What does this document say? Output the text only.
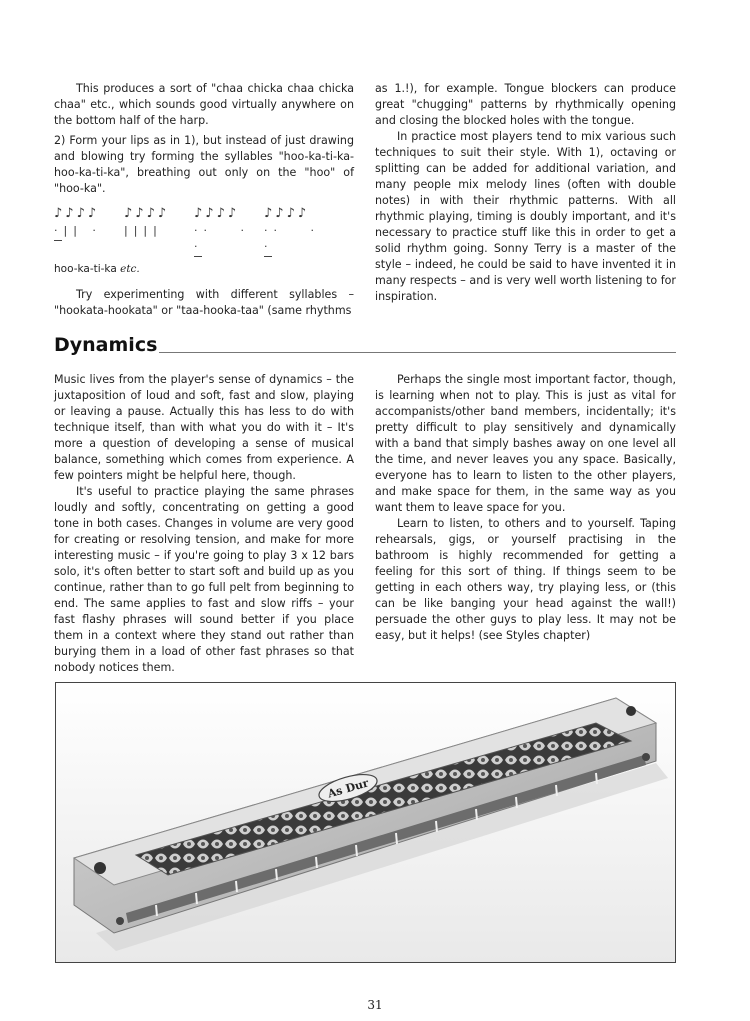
This produces a sort of "chaa chicka chaa chicka chaa" etc., which sounds good virtually anywhere on the bottom half of the harp.

2) Form your lips as in 1), but instead of just drawing and blowing try forming the syllables "hoo-ka-ti-ka-hoo-ka-ti-ka", breathing out only on the "hoo" of "hoo-ka".

♪♪♪♪
·|| ·
♪♪♪♪
||||
♪♪♪♪
·· · ·
♪♪♪♪
·· · ·
hoo-ka-ti-ka etc.

Try experimenting with different syllables – "hookata-hookata" or "taa-hooka-taa" (same rhythms

as 1.!), for example. Tongue blockers can produce great "chugging" patterns by rhythmically opening and closing the blocked holes with the tongue.

In practice most players tend to mix various such techniques to suit their style. With 1), octaving or splitting can be added for additional variation, and many people mix melody lines (often with double notes) in with their rhythmic patterns. With all rhythmic playing, timing is doubly important, and it's necessary to practice stuff like this in order to get a solid rhythm going. Sonny Terry is a master of the style – indeed, he could be said to have invented it in many respects – and is very well worth listening to for inspiration.

Dynamics

Music lives from the player's sense of dynamics – the juxtaposition of loud and soft, fast and slow, playing or leaving a pause. Actually this has less to do with technique itself, than with what you do with it – It's more a question of developing a sense of musical balance, something which comes from experience. A few pointers might be helpful here, though.

It's useful to practice playing the same phrases loudly and softly, concentrating on getting a good tone in both cases. Changes in volume are very good for creating or resolving tension, and make for more interesting music – if you're going to play 3 x 12 bars solo, it's often better to start soft and build up as you continue, rather than to go full pelt from beginning to end. The same applies to fast and slow riffs – your fast flashy phrases will sound better if you place them in a context where they stand out rather than burying them in a load of other fast phrases so that nobody notices them.

Perhaps the single most important factor, though, is learning when not to play. This is just as vital for accompanists/other band members, incidentally; it's pretty difficult to play sensitively and dynamically with a band that simply bashes away on one level all the time, and never leaves you any space. Basically, everyone has to learn to listen to the other players, and make space for them, in the same way as you want them to leave space for you.

Learn to listen, to others and to yourself. Taping rehearsals, gigs, or yourself practising in the bathroom is highly recommended for getting a feeling for this sort of thing. If things seem to be getting in each others way, try playing less, or (this can be like banging your head against the wall!) persuade the other guys to play less. It may not be easy, but it helps! (see Styles chapter)

As Dur
31
